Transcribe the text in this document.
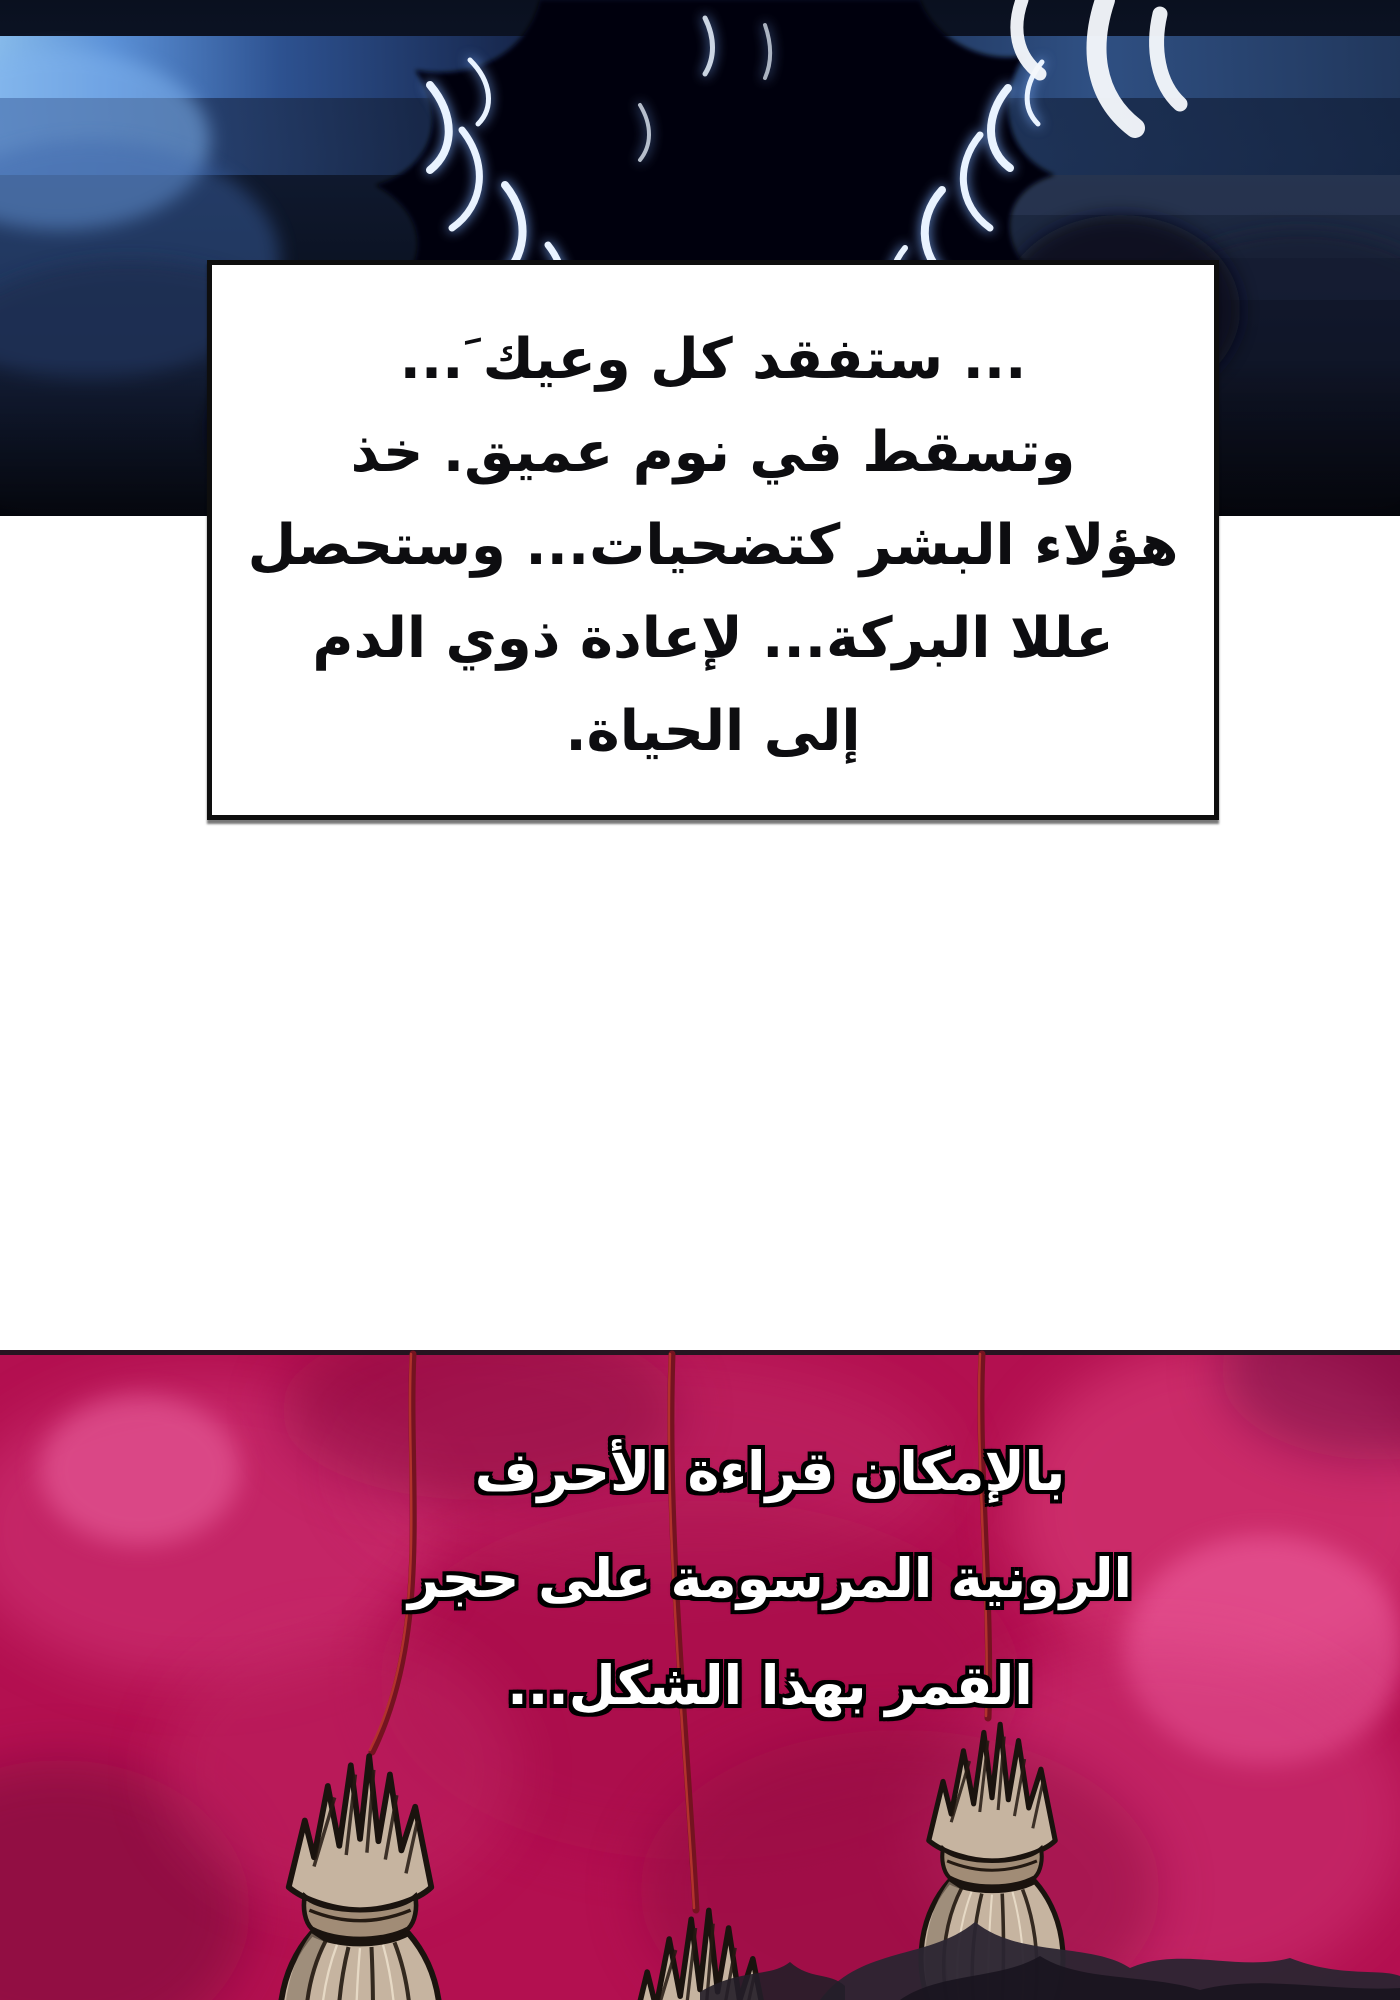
... ستفقد كل وعيك َ...

وتسقط في نوم عميق. خذ

هؤلاء البشر كتضحيات... وستحصل

عللا البركة... لإعادة ذوي الدم

إلى الحياة.

بالإمكان قراءة الأحرف

الرونية المرسومة على حجر

القمر بهذا الشكل...
